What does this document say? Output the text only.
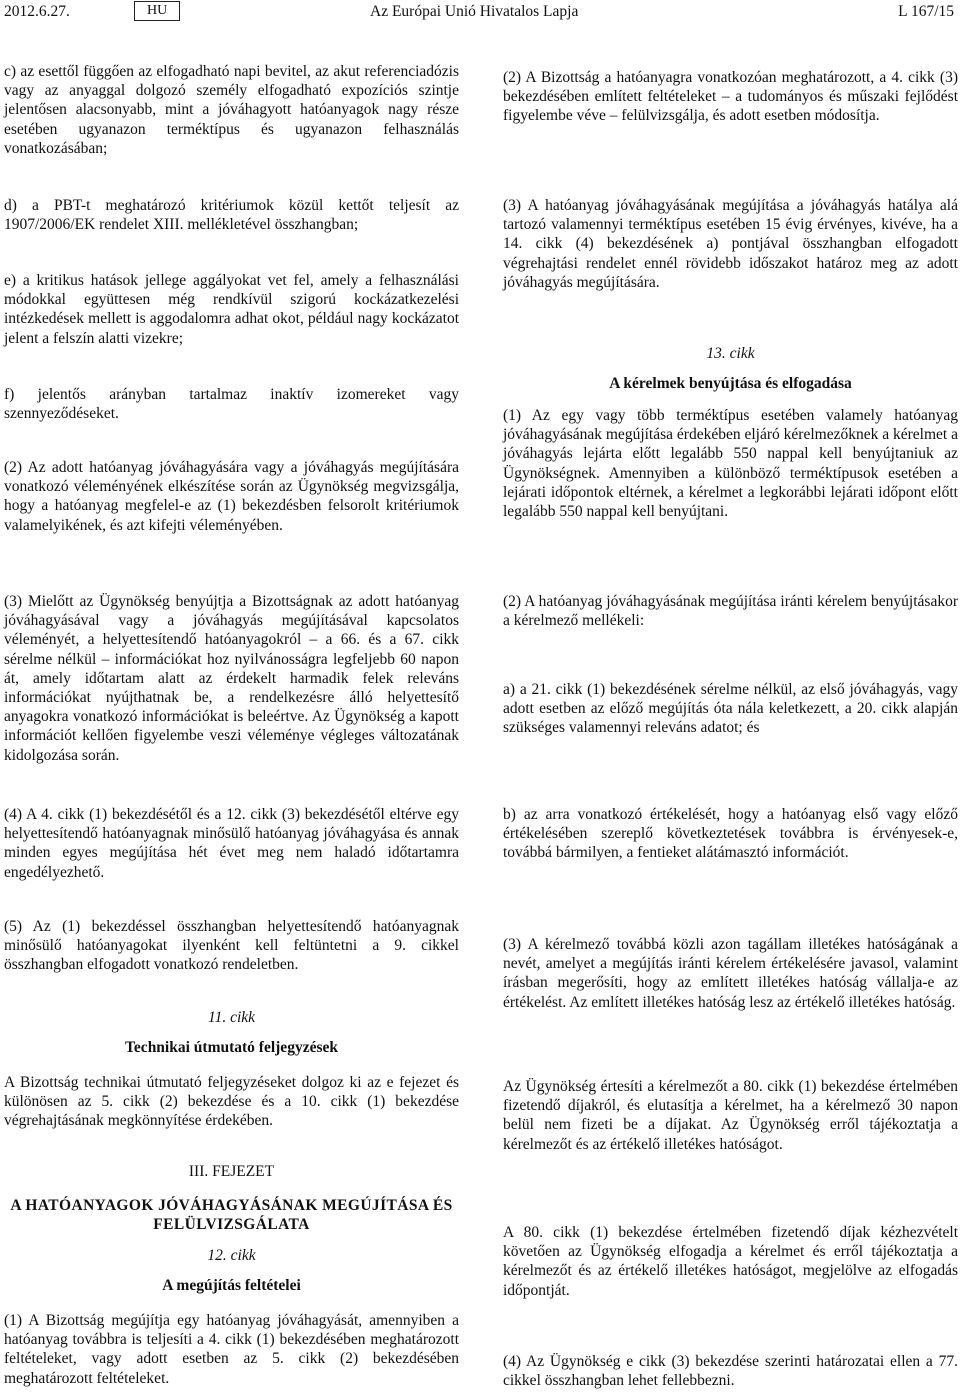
2012.6.27.	HU	Az Európai Unió Hivatalos Lapja	L 167/15

c) az esettől függően az elfogadható napi bevitel, az akut referenciadózis vagy az anyaggal dolgozó személy elfogadható expozíciós szintje jelentősen alacsonyabb, mint a jóváhagyott hatóanyagok nagy része esetében ugyanazon terméktípus és ugyanazon felhasználás vonatkozásában;

d) a PBT-t meghatározó kritériumok közül kettőt teljesít az 1907/2006/EK rendelet XIII. mellékletével összhangban;

e) a kritikus hatások jellege aggályokat vet fel, amely a felhasználási módokkal együttesen még rendkívül szigorú kockázatkezelési intézkedések mellett is aggodalomra adhat okot, például nagy kockázatot jelent a felszín alatti vizekre;

f) jelentős arányban tartalmaz inaktív izomereket vagy szennyeződéseket.

(2) Az adott hatóanyag jóváhagyására vagy a jóváhagyás megújítására vonatkozó véleményének elkészítése során az Ügynökség megvizsgálja, hogy a hatóanyag megfelel-e az (1) bekezdésben felsorolt kritériumok valamelyikének, és azt kifejti véleményében.

(3) Mielőtt az Ügynökség benyújtja a Bizottságnak az adott hatóanyag jóváhagyásával vagy a jóváhagyás megújításával kapcsolatos véleményét, a helyettesítendő hatóanyagokról – a 66. és a 67. cikk sérelme nélkül – információkat hoz nyilvánosságra legfeljebb 60 napon át, amely időtartam alatt az érdekelt harmadik felek releváns információkat nyújthatnak be, a rendelkezésre álló helyettesítő anyagokra vonatkozó információkat is beleértve. Az Ügynökség a kapott információt kellően figyelembe veszi véleménye végleges változatának kidolgozása során.

(4) A 4. cikk (1) bekezdésétől és a 12. cikk (3) bekezdésétől eltérve egy helyettesítendő hatóanyagnak minősülő hatóanyag jóváhagyása és annak minden egyes megújítása hét évet meg nem haladó időtartamra engedélyezhető.

(5) Az (1) bekezdéssel összhangban helyettesítendő hatóanyagnak minősülő hatóanyagokat ilyenként kell feltüntetni a 9. cikkel összhangban elfogadott vonatkozó rendeletben.

11. cikk
Technikai útmutató feljegyzések

A Bizottság technikai útmutató feljegyzéseket dolgoz ki az e fejezet és különösen az 5. cikk (2) bekezdése és a 10. cikk (1) bekezdése végrehajtásának megkönnyítése érdekében.

III. FEJEZET
A HATÓANYAGOK JÓVÁHAGYÁSÁNAK MEGÚJÍTÁSA ÉS FELÜLVIZSGÁLATA
12. cikk
A megújítás feltételei

(1) A Bizottság megújítja egy hatóanyag jóváhagyását, amennyiben a hatóanyag továbbra is teljesíti a 4. cikk (1) bekezdésében meghatározott feltételeket, vagy adott esetben az 5. cikk (2) bekezdésében meghatározott feltételeket.

(2) A Bizottság a hatóanyagra vonatkozóan meghatározott, a 4. cikk (3) bekezdésében említett feltételeket – a tudományos és műszaki fejlődést figyelembe véve – felülvizsgálja, és adott esetben módosítja.

(3) A hatóanyag jóváhagyásának megújítása a jóváhagyás hatálya alá tartozó valamennyi terméktípus esetében 15 évig érvényes, kivéve, ha a 14. cikk (4) bekezdésének a) pontjával összhangban elfogadott végrehajtási rendelet ennél rövidebb időszakot határoz meg az adott jóváhagyás megújítására.

13. cikk
A kérelmek benyújtása és elfogadása

(1) Az egy vagy több terméktípus esetében valamely hatóanyag jóváhagyásának megújítása érdekében eljáró kérelmezőknek a kérelmet a jóváhagyás lejárta előtt legalább 550 nappal kell benyújtaniuk az Ügynökségnek. Amennyiben a különböző terméktípusok esetében a lejárati időpontok eltérnek, a kérelmet a legkorábbi lejárati időpont előtt legalább 550 nappal kell benyújtani.

(2) A hatóanyag jóváhagyásának megújítása iránti kérelem benyújtásakor a kérelmező mellékeli:

a) a 21. cikk (1) bekezdésének sérelme nélkül, az első jóváhagyás, vagy adott esetben az előző megújítás óta nála keletkezett, a 20. cikk alapján szükséges valamennyi releváns adatot; és

b) az arra vonatkozó értékelését, hogy a hatóanyag első vagy előző értékelésében szereplő következtetések továbbra is érvényesek-e, továbbá bármilyen, a fentieket alátámasztó információt.

(3) A kérelmező továbbá közli azon tagállam illetékes hatóságának a nevét, amelyet a megújítás iránti kérelem értékelésére javasol, valamint írásban megerősíti, hogy az említett illetékes hatóság vállalja-e az értékelést. Az említett illetékes hatóság lesz az értékelő illetékes hatóság.

Az Ügynökség értesíti a kérelmezőt a 80. cikk (1) bekezdése értelmében fizetendő díjakról, és elutasítja a kérelmet, ha a kérelmező 30 napon belül nem fizeti be a díjakat. Az Ügynökség erről tájékoztatja a kérelmezőt és az értékelő illetékes hatóságot.

A 80. cikk (1) bekezdése értelmében fizetendő díjak kézhezvételt követően az Ügynökség elfogadja a kérelmet és erről tájékoztatja a kérelmezőt és az értékelő illetékes hatóságot, megjelölve az elfogadás időpontját.

(4) Az Ügynökség e cikk (3) bekezdése szerinti határozatai ellen a 77. cikkel összhangban lehet fellebbezni.
